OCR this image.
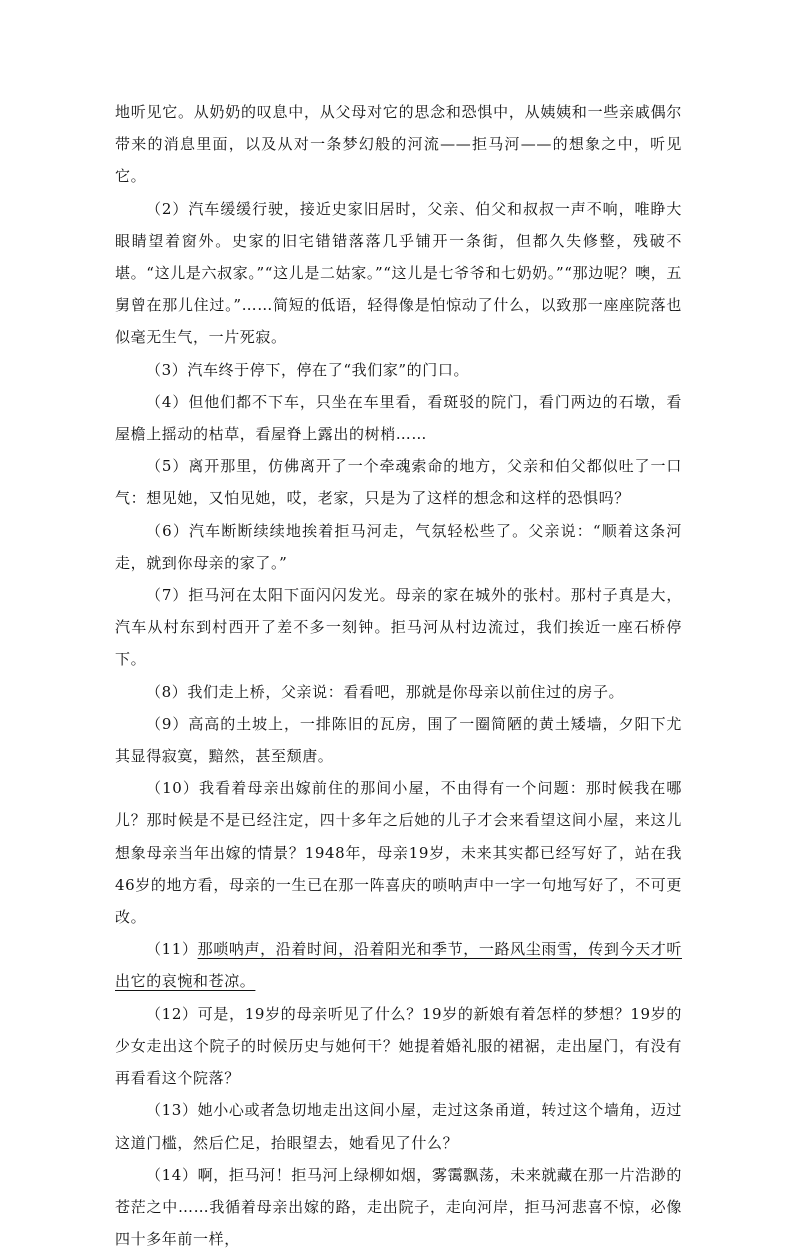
地听见它。从奶奶的叹息中，从父母对它的思念和恐惧中，从姨姨和一些亲戚偶尔带来的消息里面，以及从对一条梦幻般的河流——拒马河——的想象之中，听见它。

（2）汽车缓缓行驶，接近史家旧居时，父亲、伯父和叔叔一声不响，唯睁大眼睛望着窗外。史家的旧宅错错落落几乎铺开一条街，但都久失修整，残破不堪。“这儿是六叔家。”“这儿是二姑家。”“这儿是七爷爷和七奶奶。”“那边呢？噢，五舅曾在那儿住过。”……简短的低语，轻得像是怕惊动了什么，以致那一座座院落也似毫无生气，一片死寂。

（3）汽车终于停下，停在了“我们家”的门口。

（4）但他们都不下车，只坐在车里看，看斑驳的院门，看门两边的石墩，看屋檐上摇动的枯草，看屋脊上露出的树梢……

（5）离开那里，仿佛离开了一个牵魂索命的地方，父亲和伯父都似吐了一口气：想见她，又怕见她，哎，老家，只是为了这样的想念和这样的恐惧吗？

（6）汽车断断续续地挨着拒马河走，气氛轻松些了。父亲说：“顺着这条河走，就到你母亲的家了。”

（7）拒马河在太阳下面闪闪发光。母亲的家在城外的张村。那村子真是大，汽车从村东到村西开了差不多一刻钟。拒马河从村边流过，我们挨近一座石桥停下。

（8）我们走上桥，父亲说：看看吧，那就是你母亲以前住过的房子。

（9）高高的土坡上，一排陈旧的瓦房，围了一圈简陋的黄土矮墙，夕阳下尤其显得寂寞，黯然，甚至颓唐。

（10）我看着母亲出嫁前住的那间小屋，不由得有一个问题：那时候我在哪儿？那时候是不是已经注定，四十多年之后她的儿子才会来看望这间小屋，来这儿想象母亲当年出嫁的情景？1948年，母亲19岁，未来其实都已经写好了，站在我46岁的地方看，母亲的一生已在那一阵喜庆的唢呐声中一字一句地写好了，不可更改。

（11）那唢呐声，沿着时间，沿着阳光和季节，一路风尘雨雪，传到今天才听出它的哀惋和苍凉。

（12）可是，19岁的母亲听见了什么？19岁的新娘有着怎样的梦想？19岁的少女走出这个院子的时候历史与她何干？她提着婚礼服的裙裾，走出屋门，有没有再看看这个院落？

（13）她小心或者急切地走出这间小屋，走过这条甬道，转过这个墙角，迈过这道门槛，然后伫足，抬眼望去，她看见了什么？

（14）啊，拒马河！拒马河上绿柳如烟，雾霭飘荡，未来就藏在那一片浩渺的苍茫之中……我循着母亲出嫁的路，走出院子，走向河岸，拒马河悲喜不惊，必像四十多年前一样，
